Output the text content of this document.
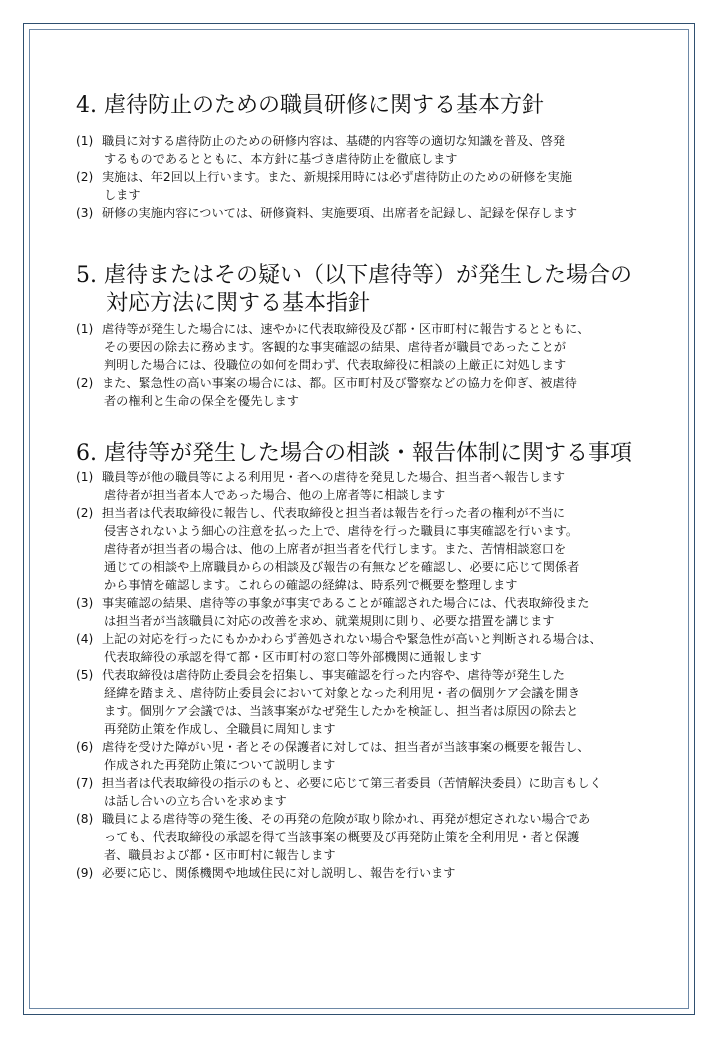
4. 虐待防止のための職員研修に関する基本方針
(1) 職員に対する虐待防止のための研修内容は、基礎的内容等の適切な知識を普及、啓発
するものであるとともに、本方針に基づき虐待防止を徹底します
(2) 実施は、年2回以上行います。また、新規採用時には必ず虐待防止のための研修を実施
します
(3) 研修の実施内容については、研修資料、実施要項、出席者を記録し、記録を保存します
5. 虐待またはその疑い（以下虐待等）が発生した場合の
対応方法に関する基本指針
(1) 虐待等が発生した場合には、速やかに代表取締役及び都・区市町村に報告するとともに、
その要因の除去に務めます。客観的な事実確認の結果、虐待者が職員であったことが
判明した場合には、役職位の如何を問わず、代表取締役に相談の上厳正に対処します
(2) また、緊急性の高い事案の場合には、都。区市町村及び警察などの協力を仰ぎ、被虐待
者の権利と生命の保全を優先します
6. 虐待等が発生した場合の相談・報告体制に関する事項
(1) 職員等が他の職員等による利用児・者への虐待を発見した場合、担当者へ報告します
虐待者が担当者本人であった場合、他の上席者等に相談します
(2) 担当者は代表取締役に報告し、代表取締役と担当者は報告を行った者の権利が不当に
侵害されないよう細心の注意を払った上で、虐待を行った職員に事実確認を行います。
虐待者が担当者の場合は、他の上席者が担当者を代行します。また、苦情相談窓口を
通じての相談や上席職員からの相談及び報告の有無などを確認し、必要に応じて関係者
から事情を確認します。これらの確認の経緯は、時系列で概要を整理します
(3) 事実確認の結果、虐待等の事象が事実であることが確認された場合には、代表取締役また
は担当者が当該職員に対応の改善を求め、就業規則に則り、必要な措置を講じます
(4) 上記の対応を行ったにもかかわらず善処されない場合や緊急性が高いと判断される場合は、
代表取締役の承認を得て都・区市町村の窓口等外部機関に通報します
(5) 代表取締役は虐待防止委員会を招集し、事実確認を行った内容や、虐待等が発生した
経緯を踏まえ、虐待防止委員会において対象となった利用児・者の個別ケア会議を開き
ます。個別ケア会議では、当該事案がなぜ発生したかを検証し、担当者は原因の除去と
再発防止策を作成し、全職員に周知します
(6) 虐待を受けた障がい児・者とその保護者に対しては、担当者が当該事案の概要を報告し、
作成された再発防止策について説明します
(7) 担当者は代表取締役の指示のもと、必要に応じて第三者委員（苦情解決委員）に助言もしく
は話し合いの立ち合いを求めます
(8) 職員による虐待等の発生後、その再発の危険が取り除かれ、再発が想定されない場合であ
っても、代表取締役の承認を得て当該事案の概要及び再発防止策を全利用児・者と保護
者、職員および都・区市町村に報告します
(9) 必要に応じ、関係機関や地域住民に対し説明し、報告を行います
